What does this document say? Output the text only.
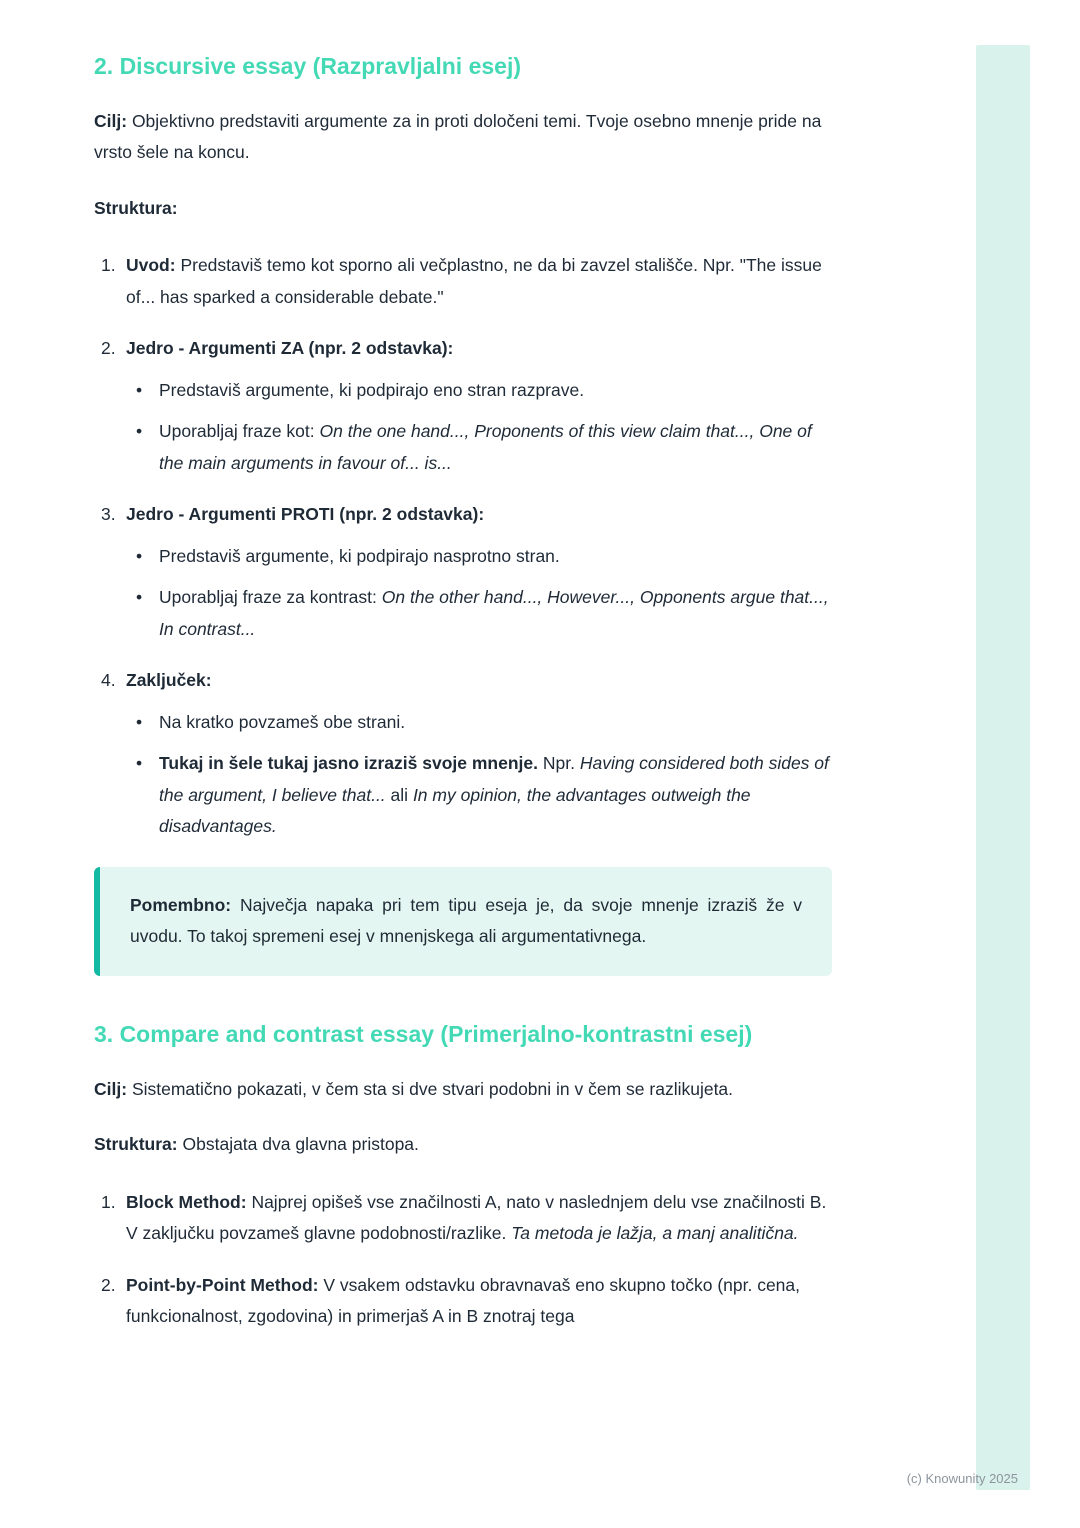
2. Discursive essay (Razpravljalni esej)

Cilj: Objektivno predstaviti argumente za in proti določeni temi. Tvoje osebno mnenje pride na vrsto šele na koncu.

Struktura:

1. Uvod: Predstaviš temo kot sporno ali večplastno, ne da bi zavzel stališče. Npr. "The issue of... has sparked a considerable debate."

2. Jedro - Argumenti ZA (npr. 2 odstavka):

• Predstaviš argumente, ki podpirajo eno stran razprave.

• Uporabljaj fraze kot: On the one hand..., Proponents of this view claim that..., One of the main arguments in favour of... is...

3. Jedro - Argumenti PROTI (npr. 2 odstavka):

• Predstaviš argumente, ki podpirajo nasprotno stran.

• Uporabljaj fraze za kontrast: On the other hand..., However..., Opponents argue that..., In contrast...

4. Zaključek:

• Na kratko povzameš obe strani.

• Tukaj in šele tukaj jasno izraziš svoje mnenje. Npr. Having considered both sides of the argument, I believe that... ali In my opinion, the advantages outweigh the disadvantages.

Pomembno: Največja napaka pri tem tipu eseja je, da svoje mnenje izraziš že v uvodu. To takoj spremeni esej v mnenjskega ali argumentativnega.

3. Compare and contrast essay (Primerjalno-kontrastni esej)

Cilj: Sistematično pokazati, v čem sta si dve stvari podobni in v čem se razlikujeta.

Struktura: Obstajata dva glavna pristopa.

1. Block Method: Najprej opišeš vse značilnosti A, nato v naslednjem delu vse značilnosti B. V zaključku povzameš glavne podobnosti/razlike. Ta metoda je lažja, a manj analitična.

2. Point-by-Point Method: V vsakem odstavku obravnavaš eno skupno točko (npr. cena, funkcionalnost, zgodovina) in primerjaš A in B znotraj tega

(c) Knowunity 2025
